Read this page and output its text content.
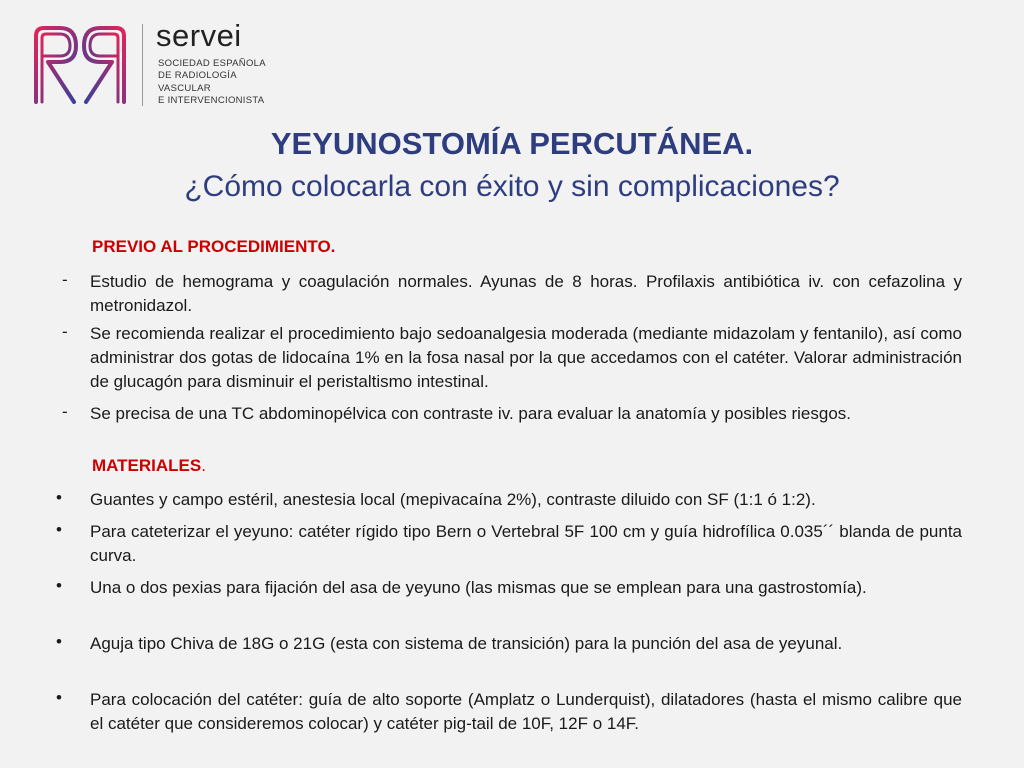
servei
SOCIEDAD ESPAÑOLA
DE RADIOLOGÍA
VASCULAR
E INTERVENCIONISTA
YEYUNOSTOMÍA PERCUTÁNEA.
¿Cómo colocarla con éxito y sin complicaciones?
PREVIO AL PROCEDIMIENTO.
- Estudio de hemograma y coagulación normales. Ayunas de 8 horas. Profilaxis antibiótica iv. con cefazolina y metronidazol.
- Se recomienda realizar el procedimiento bajo sedoanalgesia moderada (mediante midazolam y fentanilo), así como administrar dos gotas de lidocaína 1% en la fosa nasal por la que accedamos con el catéter. Valorar administración de glucagón para disminuir el peristaltismo intestinal.
- Se precisa de una TC abdominopélvica con contraste iv. para evaluar la anatomía y posibles riesgos.
MATERIALES.
• Guantes y campo estéril, anestesia local (mepivacaína 2%), contraste diluido con SF (1:1 ó 1:2).
• Para cateterizar el yeyuno: catéter rígido tipo Bern o Vertebral 5F 100 cm y guía hidrofílica 0.035´´ blanda de punta curva.
• Una o dos pexias para fijación del asa de yeyuno (las mismas que se emplean para una gastrostomía).
• Aguja tipo Chiva de 18G o 21G (esta con sistema de transición) para la punción del asa de yeyunal.
• Para colocación del catéter: guía de alto soporte (Amplatz o Lunderquist), dilatadores (hasta el mismo calibre que el catéter que consideremos colocar) y catéter pig-tail de 10F, 12F o 14F.
